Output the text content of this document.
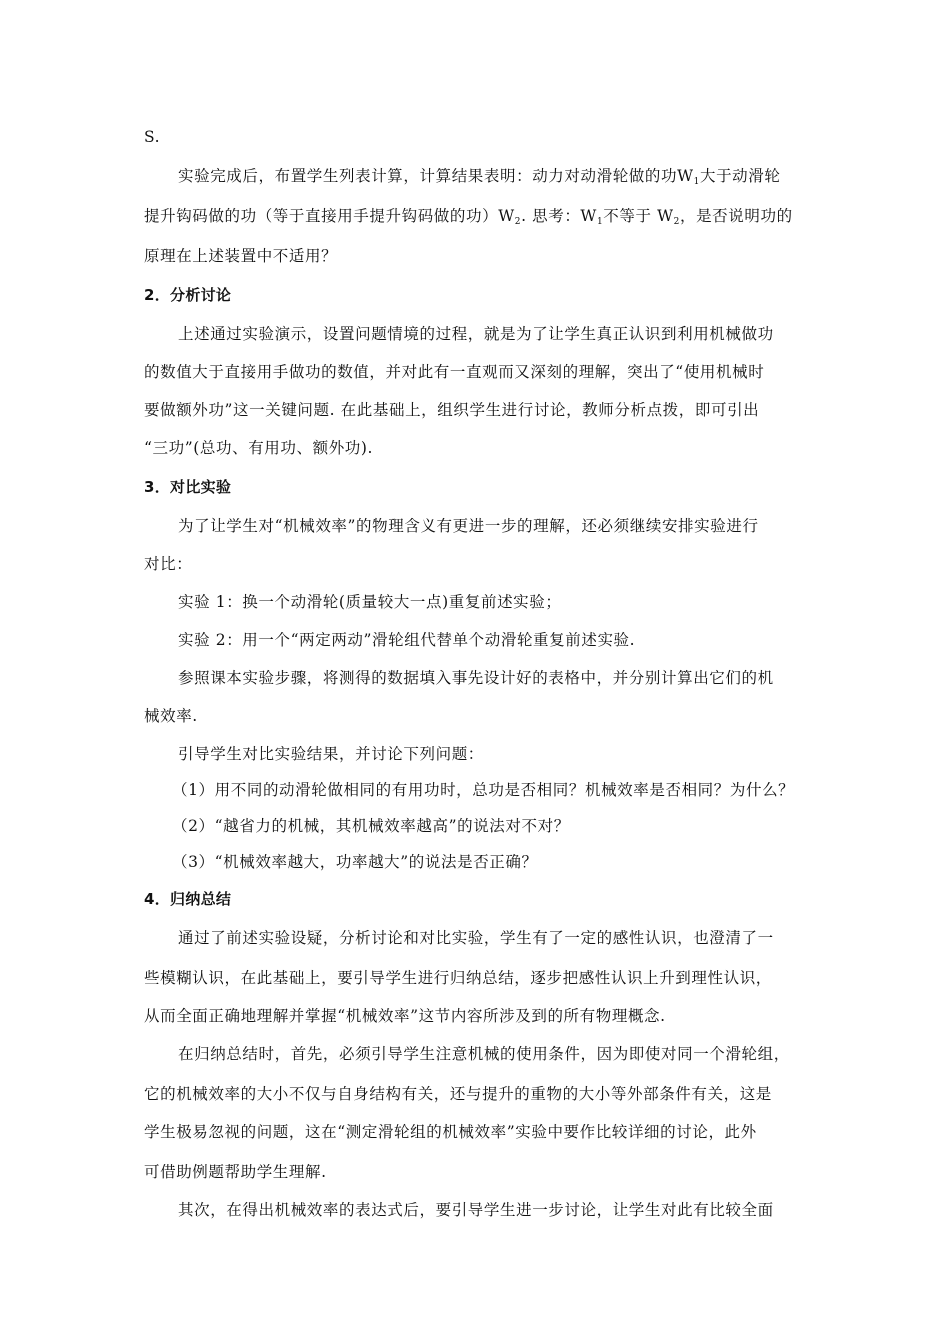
S.
实验完成后，布置学生列表计算，计算结果表明：动力对动滑轮做的功$W_1$大于动滑轮
提升钩码做的功（等于直接用手提升钩码做的功）$W_2$. 思考：$W_1$不等于 $W_2$，是否说明功的
原理在上述装置中不适用？
2．分析讨论
上述通过实验演示，设置问题情境的过程，就是为了让学生真正认识到利用机械做功
的数值大于直接用手做功的数值，并对此有一直观而又深刻的理解，突出了“使用机械时
要做额外功”这一关键问题. 在此基础上，组织学生进行讨论，教师分析点拨，即可引出
“三功”(总功、有用功、额外功).
3．对比实验
为了让学生对“机械效率”的物理含义有更进一步的理解，还必须继续安排实验进行
对比：
实验 1：换一个动滑轮(质量较大一点)重复前述实验；
实验 2：用一个“两定两动”滑轮组代替单个动滑轮重复前述实验.
参照课本实验步骤，将测得的数据填入事先设计好的表格中，并分别计算出它们的机
械效率.
引导学生对比实验结果，并讨论下列问题：
（1）用不同的动滑轮做相同的有用功时，总功是否相同？机械效率是否相同？为什么？
（2）“越省力的机械，其机械效率越高”的说法对不对？
（3）“机械效率越大，功率越大”的说法是否正确？
4．归纳总结
通过了前述实验设疑，分析讨论和对比实验，学生有了一定的感性认识，也澄清了一
些模糊认识，在此基础上，要引导学生进行归纳总结，逐步把感性认识上升到理性认识，
从而全面正确地理解并掌握“机械效率”这节内容所涉及到的所有物理概念.
在归纳总结时，首先，必须引导学生注意机械的使用条件，因为即使对同一个滑轮组，
它的机械效率的大小不仅与自身结构有关，还与提升的重物的大小等外部条件有关，这是
学生极易忽视的问题，这在“测定滑轮组的机械效率”实验中要作比较详细的讨论，此外
可借助例题帮助学生理解.
其次，在得出机械效率的表达式后，要引导学生进一步讨论，让学生对此有比较全面
